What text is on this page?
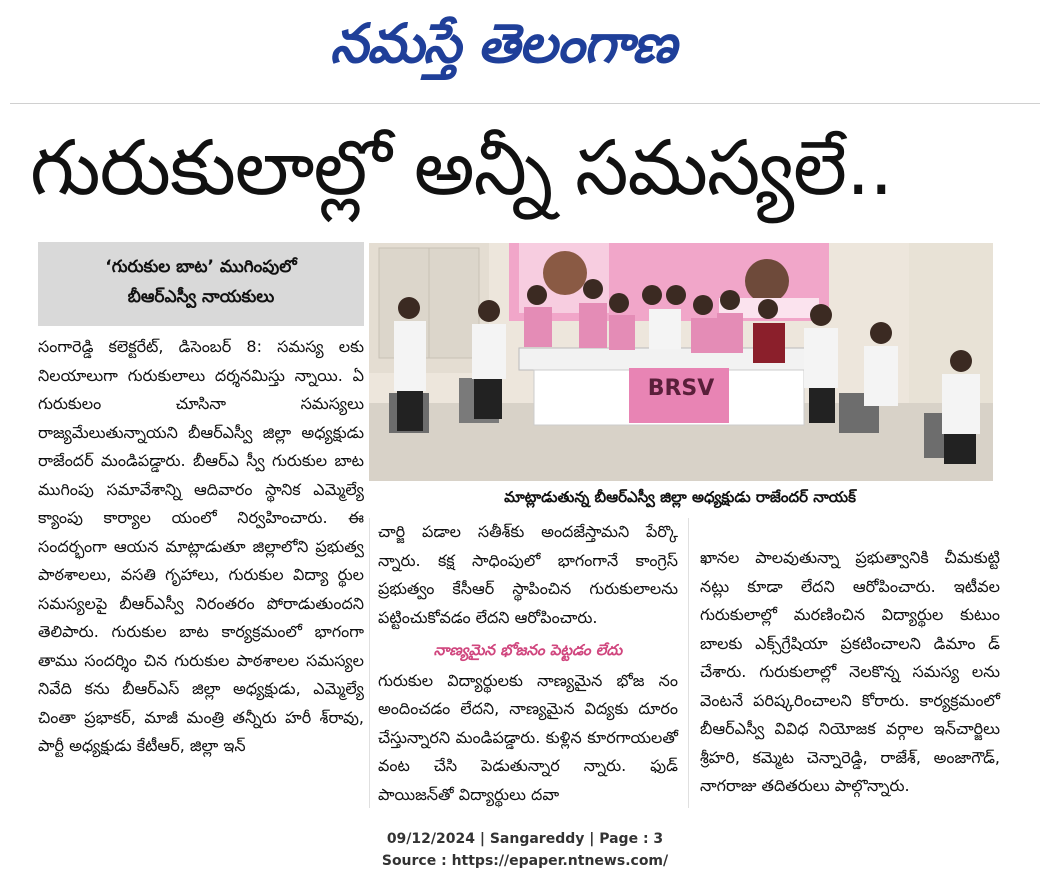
నమస్తే తెలంగాణ
గురుకులాల్లో అన్నీ సమస్యలే..
‘గురుకుల బాట’ ముగింపులో
బీఆర్‌ఎస్వీ నాయకులు
BRSV
మాట్లాడుతున్న బీఆర్‌ఎస్వీ జిల్లా అధ్యక్షుడు రాజేందర్ నాయక్

సంగారెడ్డి కలెక్టరేట్, డిసెంబర్ 8: సమస్య లకు నిలయాలుగా గురుకులాలు దర్శనమిస్తు న్నాయి. ఏ గురుకులం చూసినా సమస్యలు రాజ్యమేలుతున్నాయని బీఆర్‌ఎస్వీ జిల్లా అధ్యక్షుడు రాజేందర్ మండిపడ్డారు. బీఆర్ఎ స్వీ గురుకుల బాట ముగింపు సమావేశాన్ని ఆదివారం స్థానిక ఎమ్మెల్యే క్యాంపు కార్యాల యంలో నిర్వహించారు. ఈ సందర్భంగా ఆయన మాట్లాడుతూ జిల్లాలోని ప్రభుత్వ పాఠశాలలు, వసతి గృహాలు, గురుకుల విద్యా ర్థుల సమస్యలపై బీఆర్‌ఎస్వీ నిరంతరం పోరాడుతుందని తెలిపారు. గురుకుల బాట కార్యక్రమంలో భాగంగా తాము సందర్శిం చిన గురుకుల పాఠశాలల సమస్యల నివేది కను బీఆర్‌ఎస్ జిల్లా అధ్యక్షుడు, ఎమ్మెల్యే చింతా ప్రభాకర్, మాజీ మంత్రి తన్నీరు హరీ శ్‌రావు, పార్టీ అధ్యక్షుడు కేటీఆర్, జిల్లా ఇన్

చార్జి పడాల సతీశ్‌కు అందజేస్తామని పేర్కొ న్నారు. కక్ష సాధింపులో భాగంగానే కాంగ్రెస్ ప్రభుత్వం కేసీఆర్ స్థాపించిన గురుకులాలను పట్టించుకోవడం లేదని ఆరోపించారు.

నాణ్యమైన భోజనం పెట్టడం లేదు

గురుకుల విద్యార్థులకు నాణ్యమైన భోజ నం అందించడం లేదని, నాణ్యమైన విద్యకు దూరం చేస్తున్నారని మండిపడ్డారు. కుళ్లిన కూరగాయలతో వంట చేసి పెడుతున్నార న్నారు. ఫుడ్ పాయిజన్‌తో విద్యార్థులు దవా

ఖానల పాలవుతున్నా ప్రభుత్వానికి చీమకుట్టి నట్లు కూడా లేదని ఆరోపించారు. ఇటీవల గురుకులాల్లో మరణించిన విద్యార్థుల కుటుం బాలకు ఎక్స్‌గ్రేషియా ప్రకటించాలని డిమాం డ్ చేశారు. గురుకులాల్లో నెలకొన్న సమస్య లను వెంటనే పరిష్కరించాలని కోరారు. కార్యక్రమంలో బీఆర్‌ఎస్వీ వివిధ నియోజక వర్గాల ఇన్‌చార్జిలు శ్రీహరి, కమ్మెట చెన్నారెడ్డి, రాజేశ్, అంజాగౌడ్, నాగరాజు తదితరులు పాల్గొన్నారు.

09/12/2024 | Sangareddy | Page : 3
Source : https://epaper.ntnews.com/
